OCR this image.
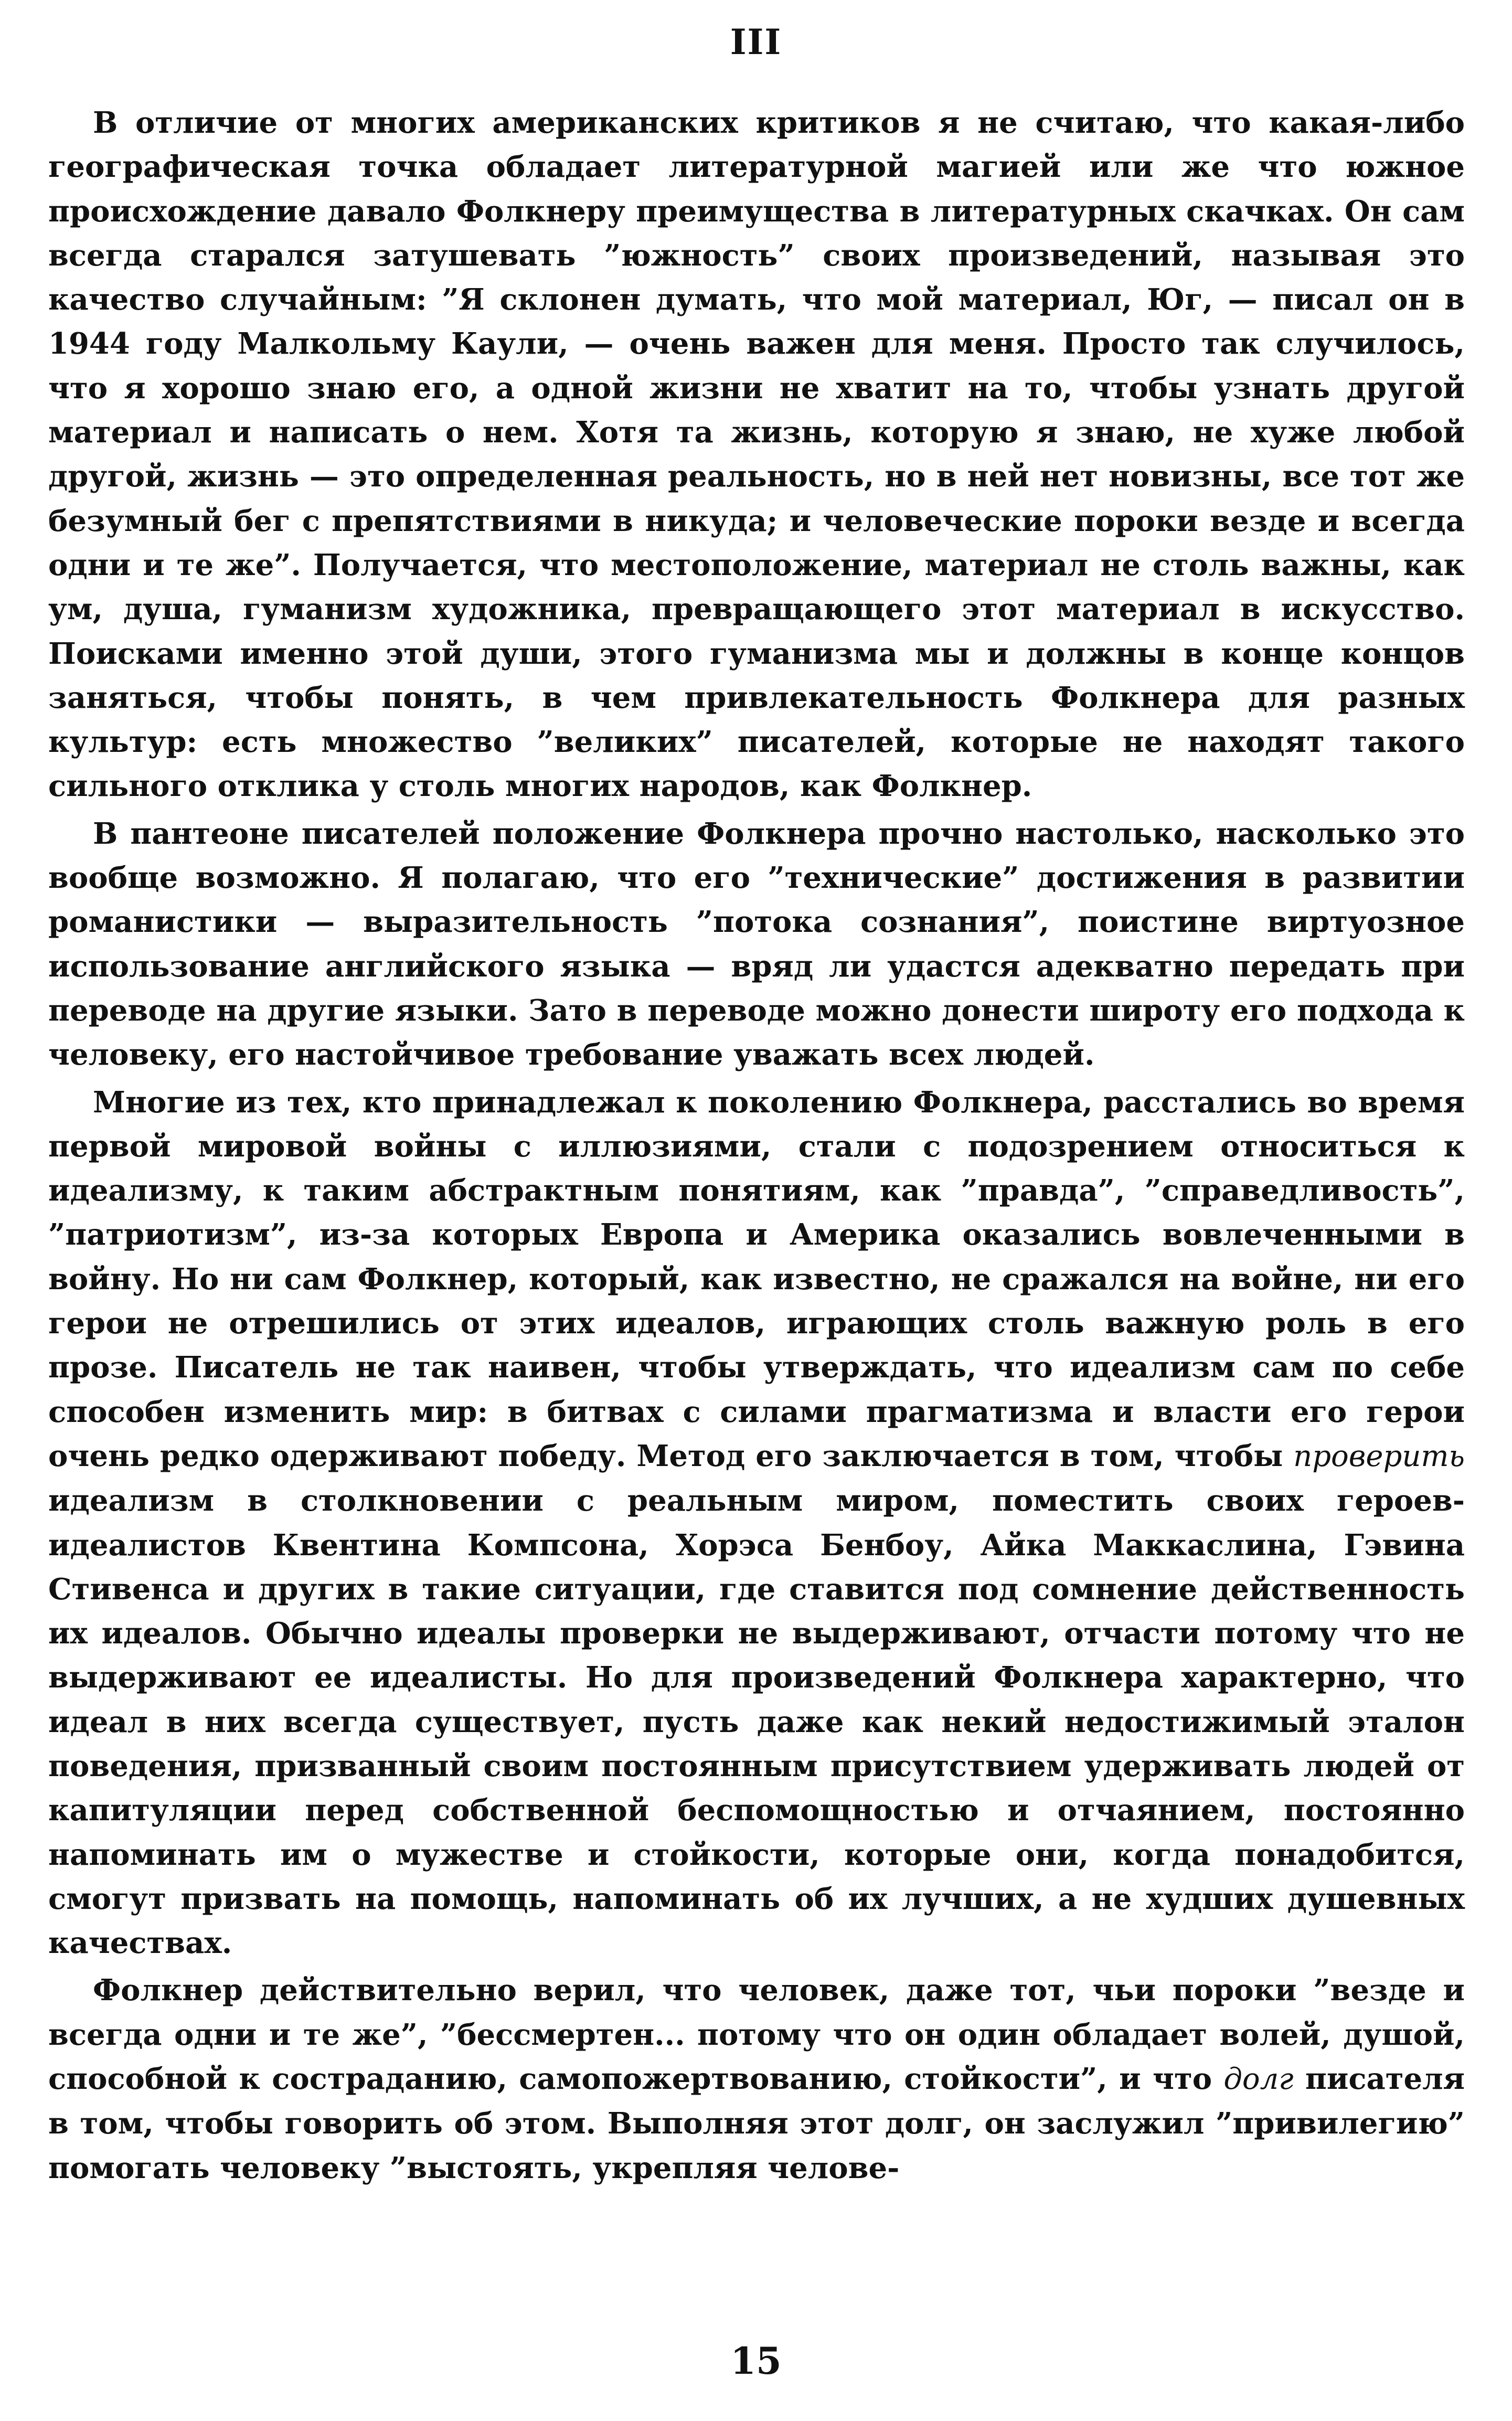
III

В отличие от многих американских критиков я не считаю, что какая-либо географическая точка обладает литературной магией или же что южное происхождение давало Фолкнеру преимущества в литературных скачках. Он сам всегда старался затушевать ”южность” своих произведений, называя это качество случайным: ”Я склонен думать, что мой материал, Юг, — писал он в 1944 году Малкольму Каули, — очень важен для меня. Просто так случилось, что я хорошо знаю его, а одной жизни не хватит на то, чтобы узнать другой материал и написать о нем. Хотя та жизнь, которую я знаю, не хуже любой другой, жизнь — это определенная реальность, но в ней нет новизны, все тот же безумный бег с препятствиями в никуда; и человеческие пороки везде и всегда одни и те же”. Получается, что местоположение, материал не столь важны, как ум, душа, гуманизм художника, превращающего этот материал в искусство. Поисками именно этой души, этого гуманизма мы и должны в конце концов заняться, чтобы понять, в чем привлекательность Фолкнера для разных культур: есть множество ”великих” писателей, которые не находят такого сильного отклика у столь многих народов, как Фолкнер.

В пантеоне писателей положение Фолкнера прочно настолько, насколько это вообще возможно. Я полагаю, что его ”технические” достижения в развитии романистики — выразительность ”потока сознания”, поистине виртуозное использование английского языка — вряд ли удастся адекватно передать при переводе на другие языки. Зато в переводе можно донести широту его подхода к человеку, его настойчивое требование уважать всех людей.

Многие из тех, кто принадлежал к поколению Фолкнера, расстались во время первой мировой войны с иллюзиями, стали с подозрением относиться к идеализму, к таким абстрактным понятиям, как ”правда”, ”справедливость”, ”патриотизм”, из-за которых Европа и Америка оказались вовлеченными в войну. Но ни сам Фолкнер, который, как известно, не сражался на войне, ни его герои не отрешились от этих идеалов, играющих столь важную роль в его прозе. Писатель не так наивен, чтобы утверждать, что идеализм сам по себе способен изменить мир: в битвах с силами прагматизма и власти его герои очень редко одерживают победу. Метод его заключается в том, чтобы проверить идеализм в столкновении с реальным миром, поместить своих героев-идеалистов Квентина Компсона, Хорэса Бенбоу, Айка Маккаслина, Гэвина Стивенса и других в такие ситуации, где ставится под сомнение действенность их идеалов. Обычно идеалы проверки не выдерживают, отчасти потому что не выдерживают ее идеалисты. Но для произведений Фолкнера характерно, что идеал в них всегда существует, пусть даже как некий недостижимый эталон поведения, призванный своим постоянным присутствием удерживать людей от капитуляции перед собственной беспомощностью и отчаянием, постоянно напоминать им о мужестве и стойкости, которые они, когда понадобится, смогут призвать на помощь, напоминать об их лучших, а не худших душевных качествах.

Фолкнер действительно верил, что человек, даже тот, чьи пороки ”везде и всегда одни и те же”, ”бессмертен... потому что он один обладает волей, душой, способной к состраданию, самопожертвованию, стойкости”, и что долг писателя в том, чтобы говорить об этом. Выполняя этот долг, он заслужил ”привилегию” помогать человеку ”выстоять, укрепляя челове-

15
